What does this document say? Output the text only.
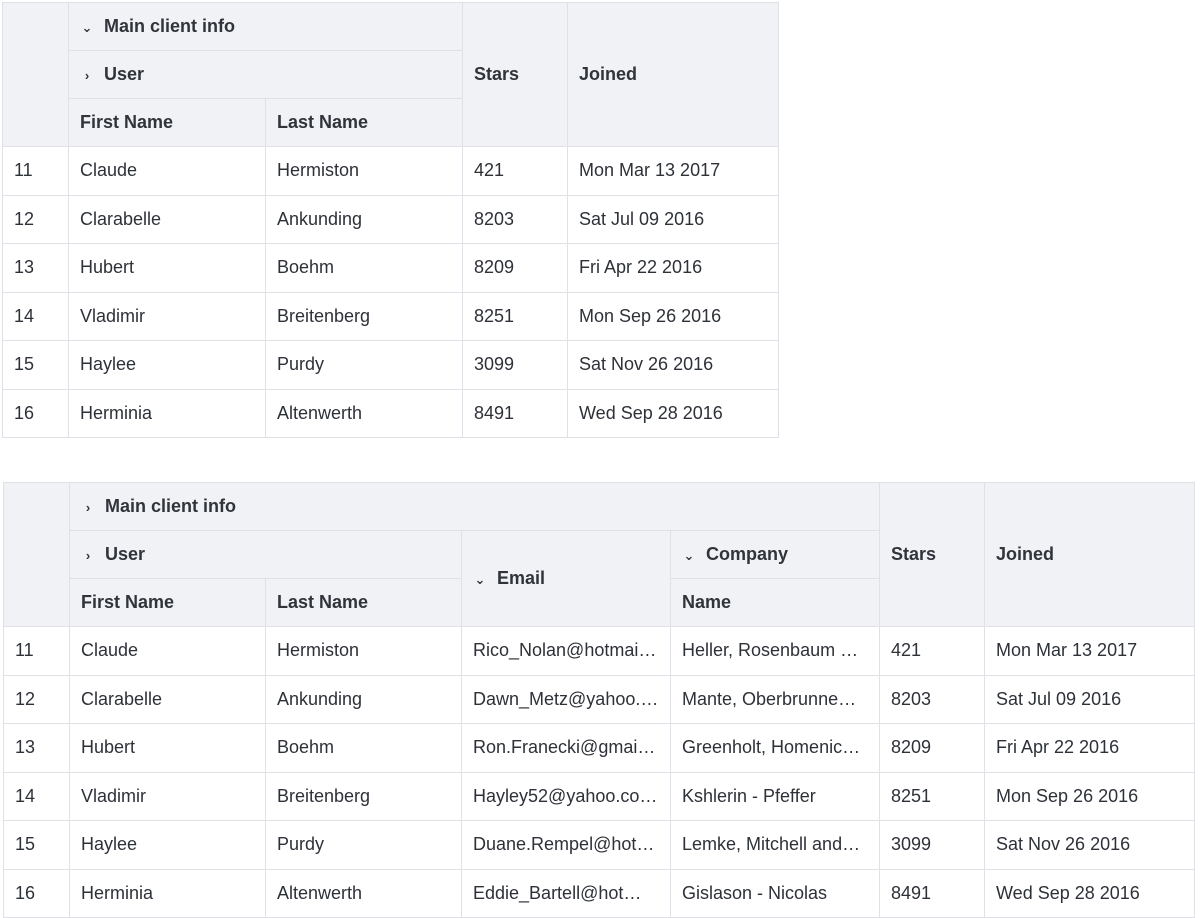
	⌄ Main client info		Stars	Joined
	› User			
	First Name	Last Name		
11	Claude	Hermiston	421	Mon Mar 13 2017
12	Clarabelle	Ankunding	8203	Sat Jul 09 2016
13	Hubert	Boehm	8209	Fri Apr 22 2016
14	Vladimir	Breitenberg	8251	Mon Sep 26 2016
15	Haylee	Purdy	3099	Sat Nov 26 2016
16	Herminia	Altenwerth	8491	Wed Sep 28 2016
	› Main client info				Stars	Joined
	› User		⌄ Email	⌄ Company		
	First Name	Last Name		Name		
11	Claude	Hermiston	Rico_Nolan@hotmai…	Heller, Rosenbaum …	421	Mon Mar 13 2017
12	Clarabelle	Ankunding	Dawn_Metz@yahoo.…	Mante, Oberbrunne…	8203	Sat Jul 09 2016
13	Hubert	Boehm	Ron.Franecki@gmail…	Greenholt, Homenic…	8209	Fri Apr 22 2016
14	Vladimir	Breitenberg	Hayley52@yahoo.co…	Kshlerin - Pfeffer	8251	Mon Sep 26 2016
15	Haylee	Purdy	Duane.Rempel@hot…	Lemke, Mitchell and…	3099	Sat Nov 26 2016
16	Herminia	Altenwerth	Eddie_Bartell@hot…	Gislason - Nicolas	8491	Wed Sep 28 2016
